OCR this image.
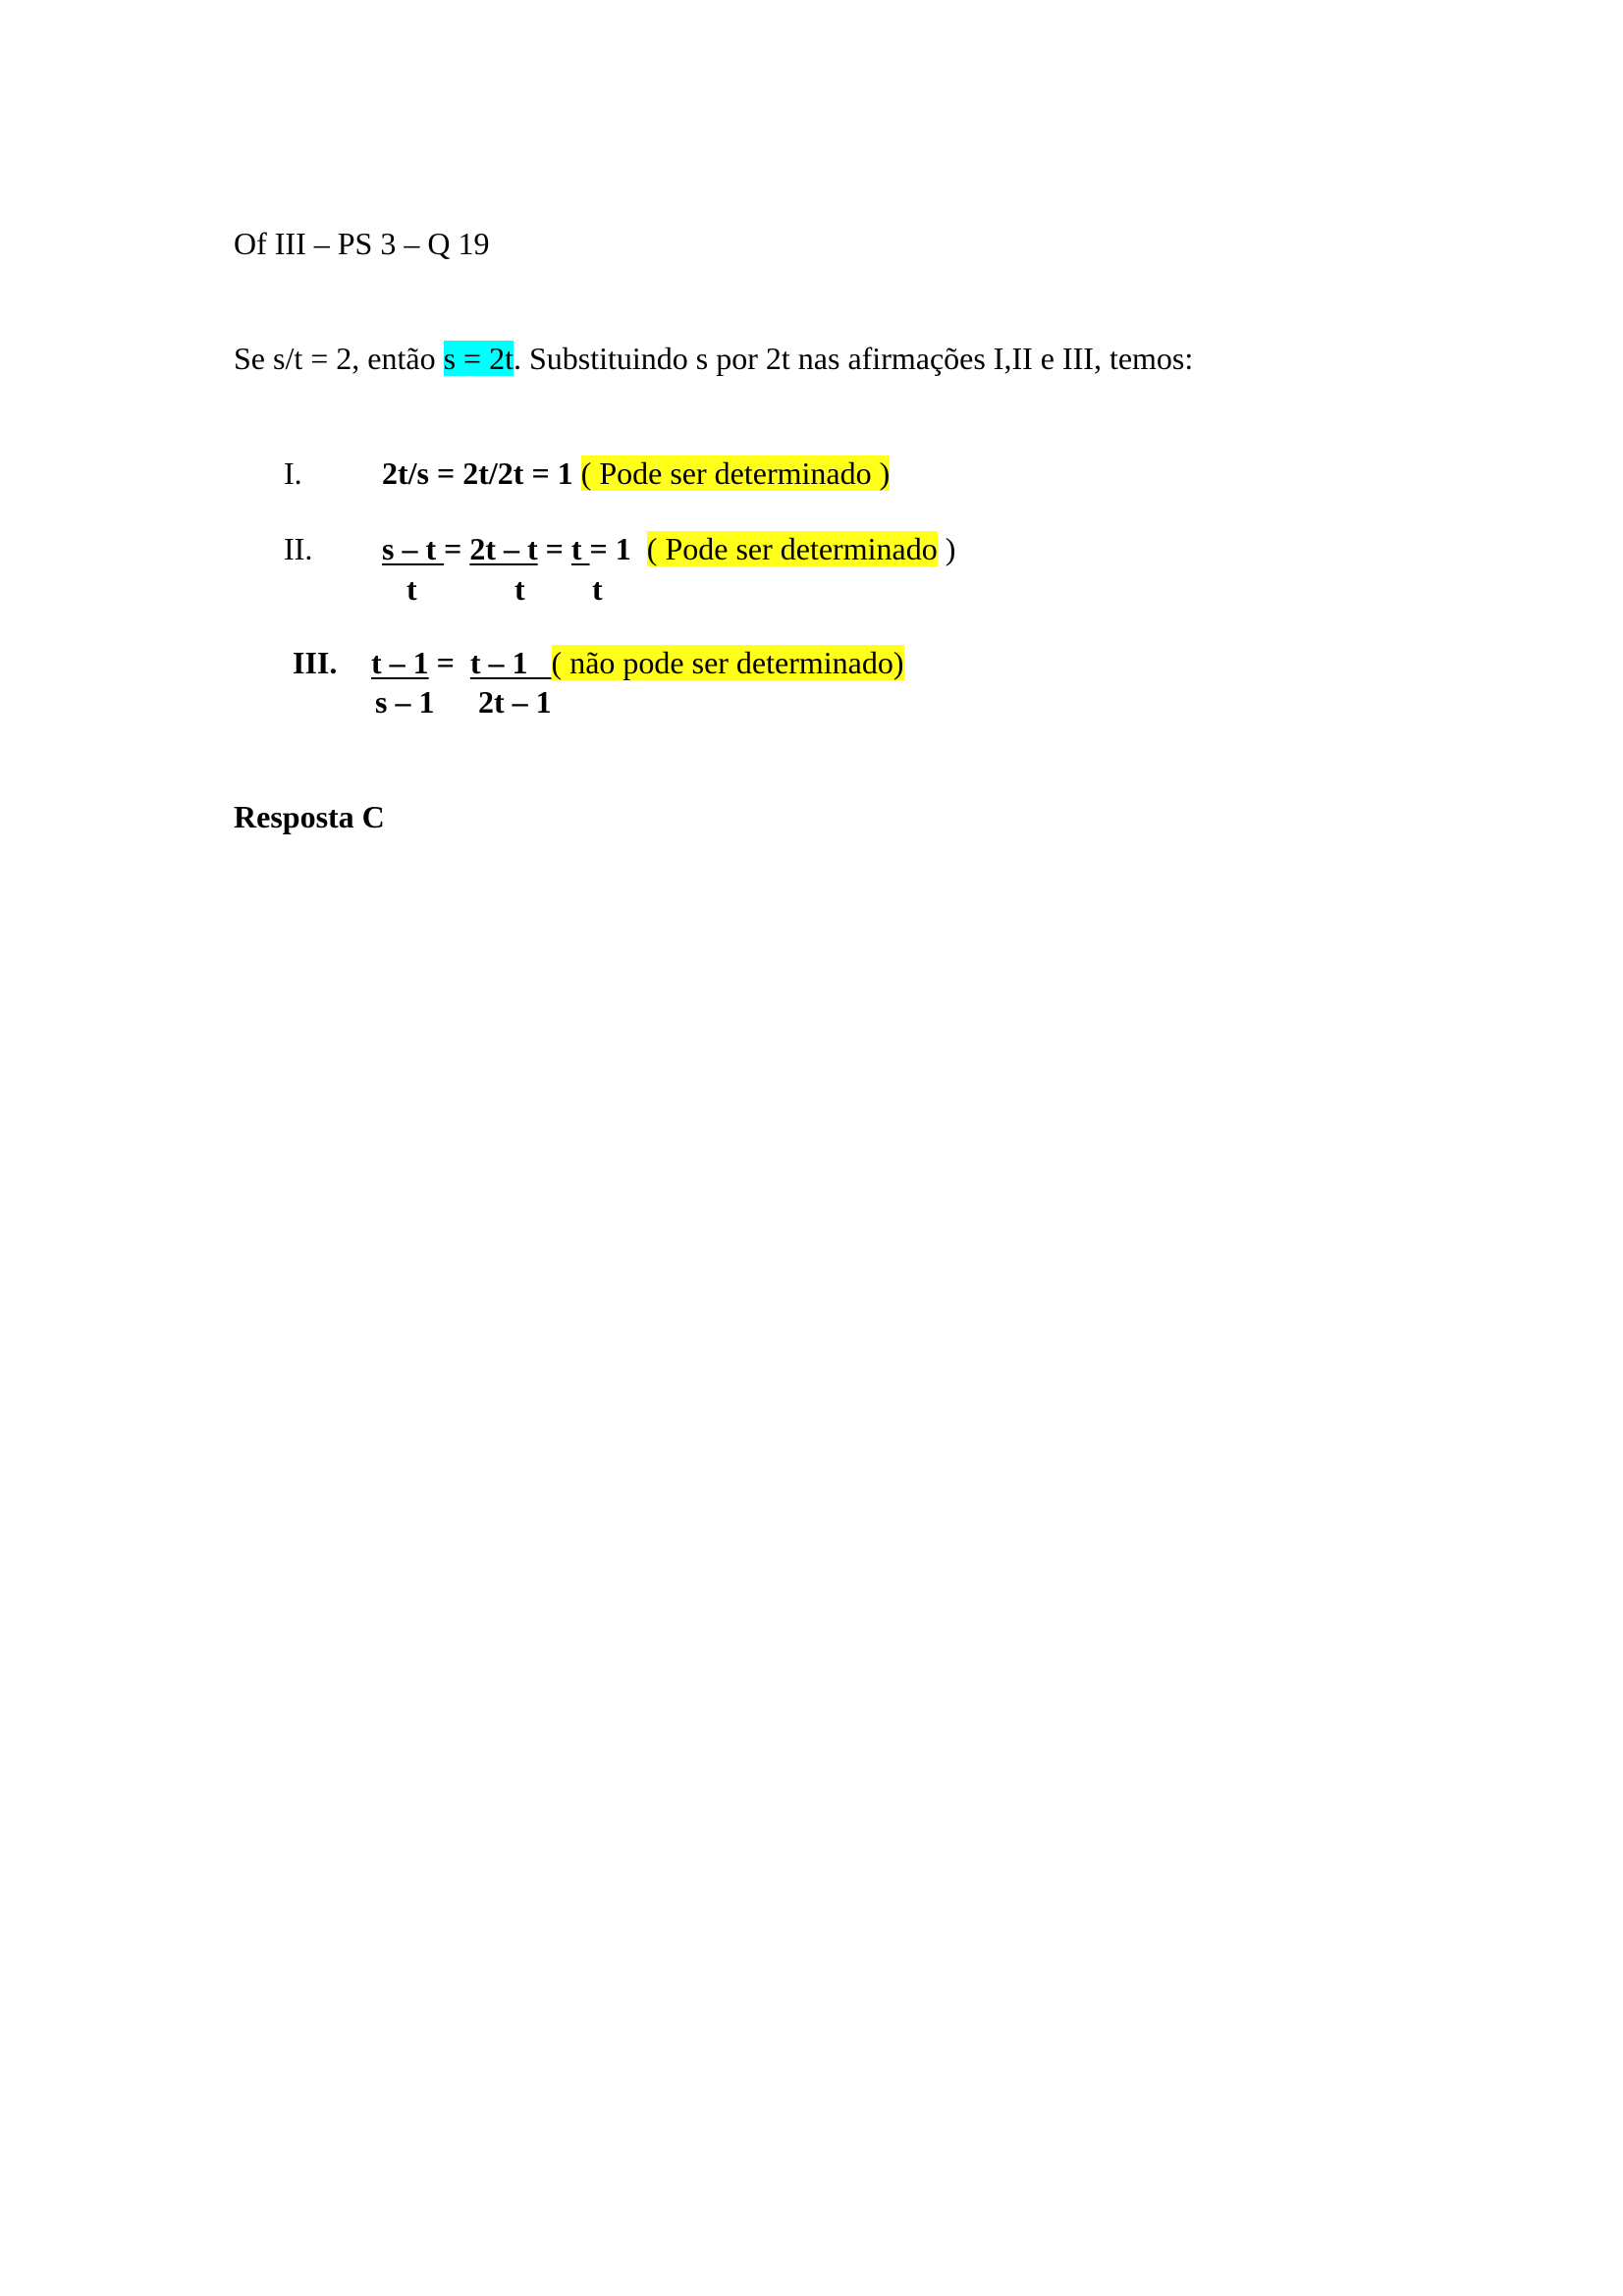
Of III – PS 3 – Q 19
Se s/t = 2, então s = 2t. Substituindo s por 2t nas afirmações I,II e III, temos:
I.	2t/s = 2t/2t = 1 ( Pode ser determinado )
II. s – t = 2t – t = t = 1  ( Pode ser determinado )
t	t t
III. t – 1 =  t – 1   ( não pode ser determinado)
s – 1 2t – 1
Resposta C
